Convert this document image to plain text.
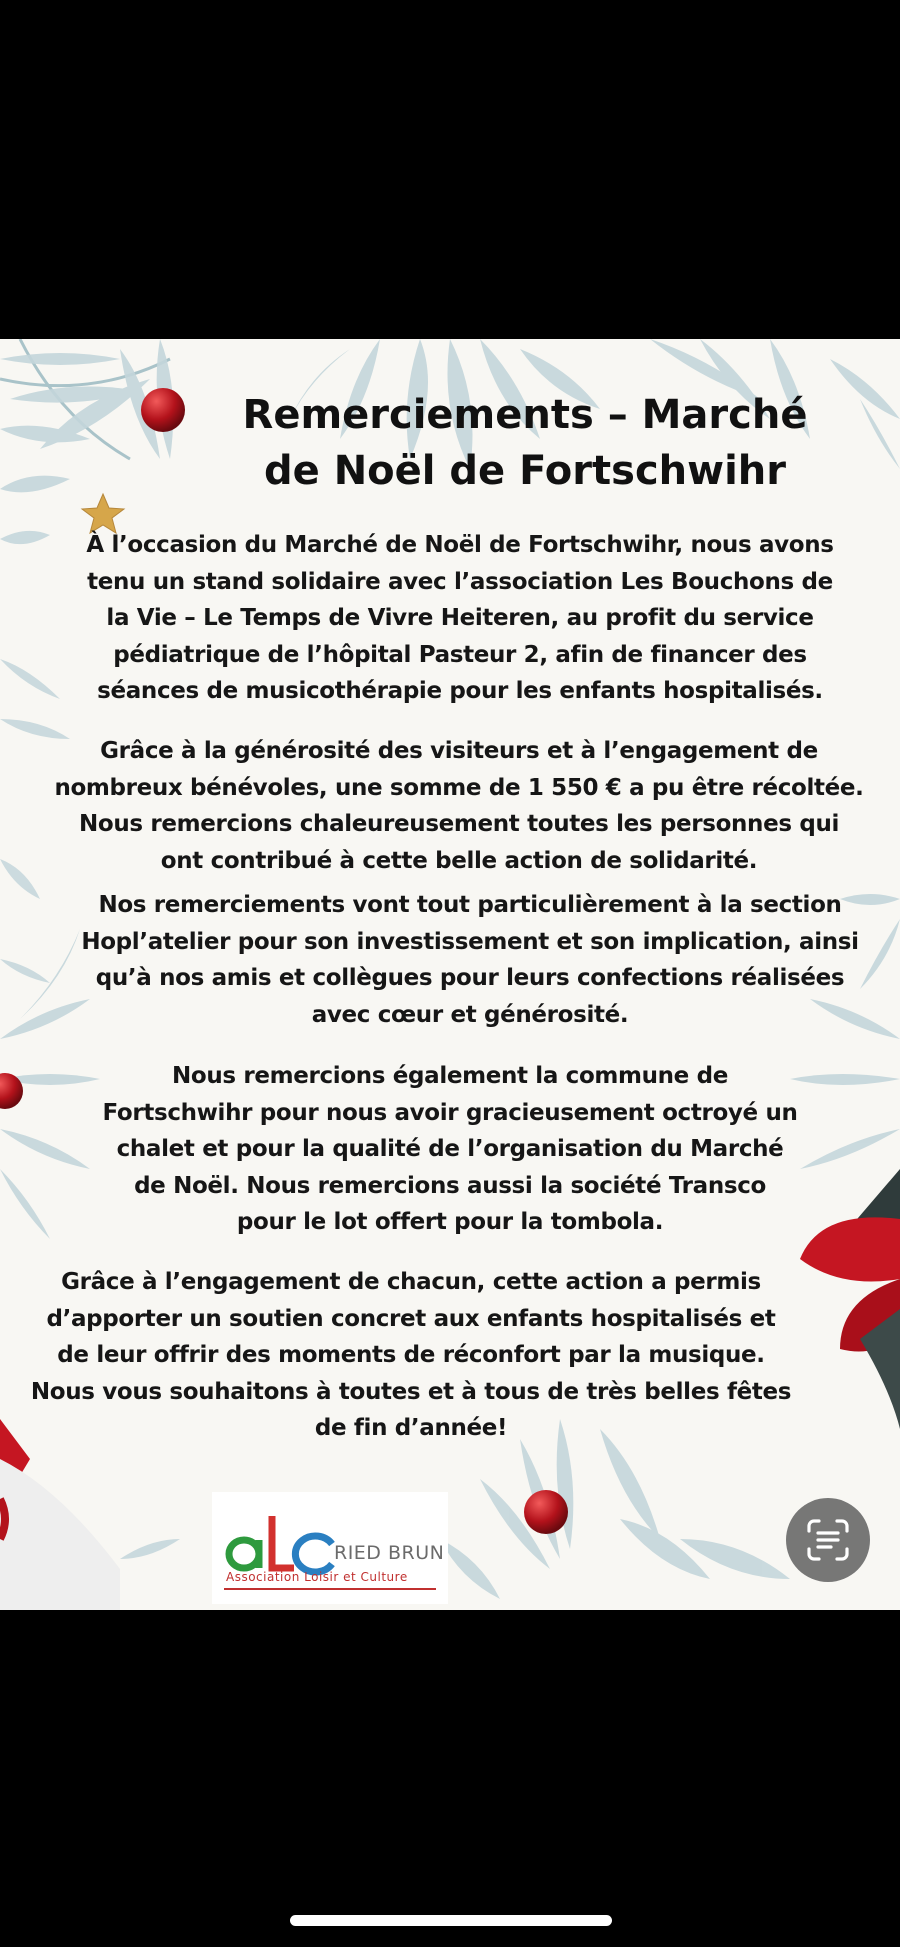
Remerciements – Marché
de Noël de Fortschwihr

À l’occasion du Marché de Noël de Fortschwihr, nous avons
tenu un stand solidaire avec l’association Les Bouchons de
la Vie – Le Temps de Vivre Heiteren, au profit du service
pédiatrique de l’hôpital Pasteur 2, afin de financer des
séances de musicothérapie pour les enfants hospitalisés.

Grâce à la générosité des visiteurs et à l’engagement de
nombreux bénévoles, une somme de 1 550 € a pu être récoltée.
Nous remercions chaleureusement toutes les personnes qui
ont contribué à cette belle action de solidarité.

Nos remerciements vont tout particulièrement à la section
Hopl’atelier pour son investissement et son implication, ainsi
qu’à nos amis et collègues pour leurs confections réalisées
avec cœur et générosité.

Nous remercions également la commune de
Fortschwihr pour nous avoir gracieusement octroyé un
chalet et pour la qualité de l’organisation du Marché
de Noël. Nous remercions aussi la société Transco
pour le lot offert pour la tombola.

Grâce à l’engagement de chacun, cette action a permis
d’apporter un soutien concret aux enfants hospitalisés et
de leur offrir des moments de réconfort par la musique.
Nous vous souhaitons à toutes et à tous de très belles fêtes
de fin d’année!

RIED BRUN
Association Loisir et Culture
